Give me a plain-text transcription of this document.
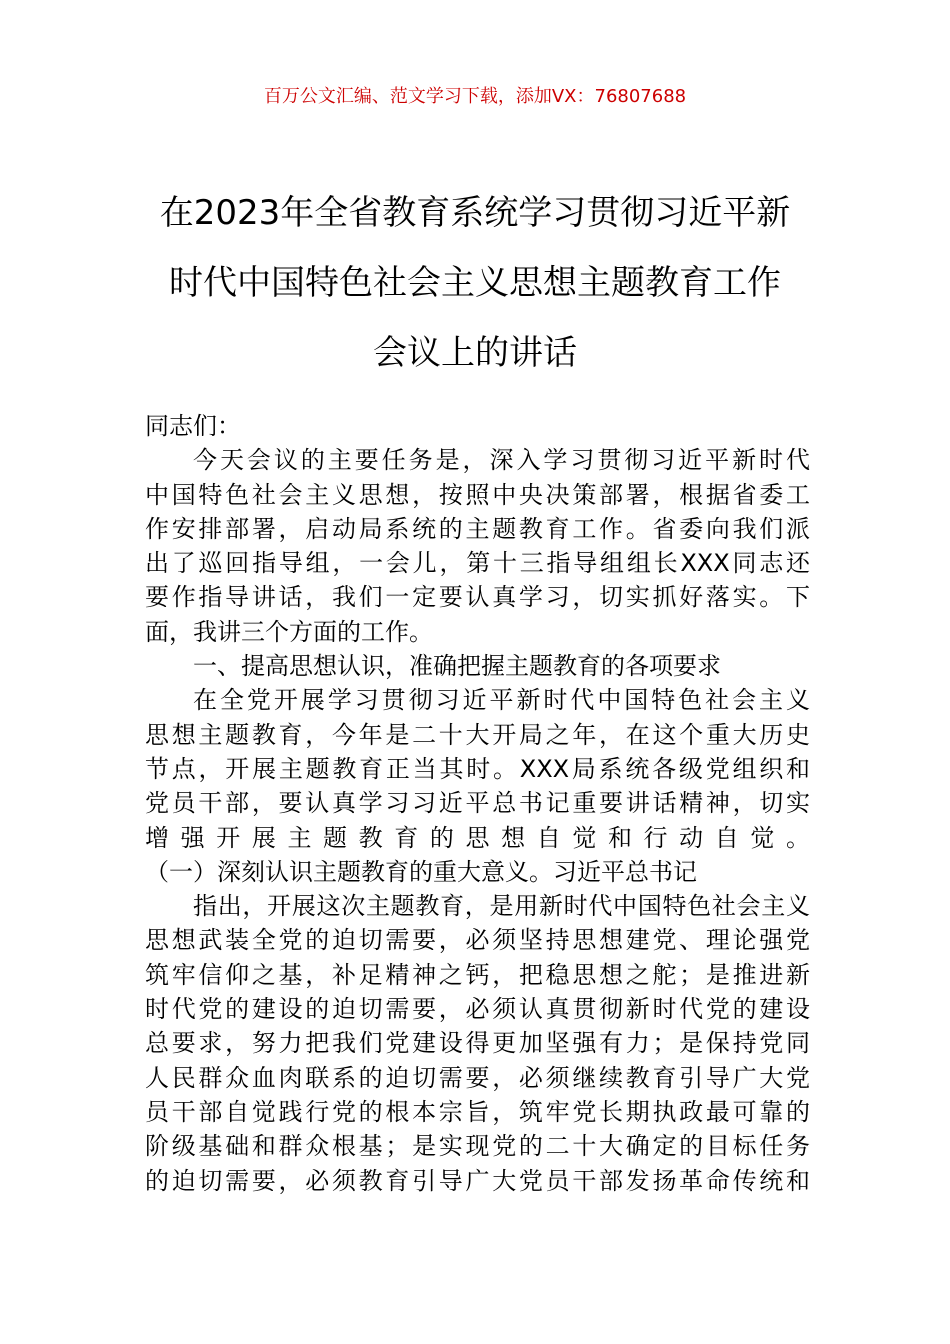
百万公文汇编、范文学习下载，添加VX：76807688
在2023年全省教育系统学习贯彻习近平新
时代中国特色社会主义思想主题教育工作
会议上的讲话
同志们：
今天会议的主要任务是，深入学习贯彻习近平新时代
中国特色社会主义思想，按照中央决策部署，根据省委工
作安排部署，启动局系统的主题教育工作。省委向我们派
出了巡回指导组，一会儿，第十三指导组组长XXX同志还
要作指导讲话，我们一定要认真学习，切实抓好落实。下
面，我讲三个方面的工作。
一、提高思想认识，准确把握主题教育的各项要求
在全党开展学习贯彻习近平新时代中国特色社会主义
思想主题教育，今年是二十大开局之年，在这个重大历史
节点，开展主题教育正当其时。XXX局系统各级党组织和
党员干部，要认真学习习近平总书记重要讲话精神，切实
增强开展主题教育的思想自觉和行动自觉。
（一）深刻认识主题教育的重大意义。习近平总书记
指出，开展这次主题教育，是用新时代中国特色社会主义
思想武装全党的迫切需要，必须坚持思想建党、理论强党
筑牢信仰之基，补足精神之钙，把稳思想之舵；是推进新
时代党的建设的迫切需要，必须认真贯彻新时代党的建设
总要求，努力把我们党建设得更加坚强有力；是保持党同
人民群众血肉联系的迫切需要，必须继续教育引导广大党
员干部自觉践行党的根本宗旨，筑牢党长期执政最可靠的
阶级基础和群众根基；是实现党的二十大确定的目标任务
的迫切需要，必须教育引导广大党员干部发扬革命传统和
